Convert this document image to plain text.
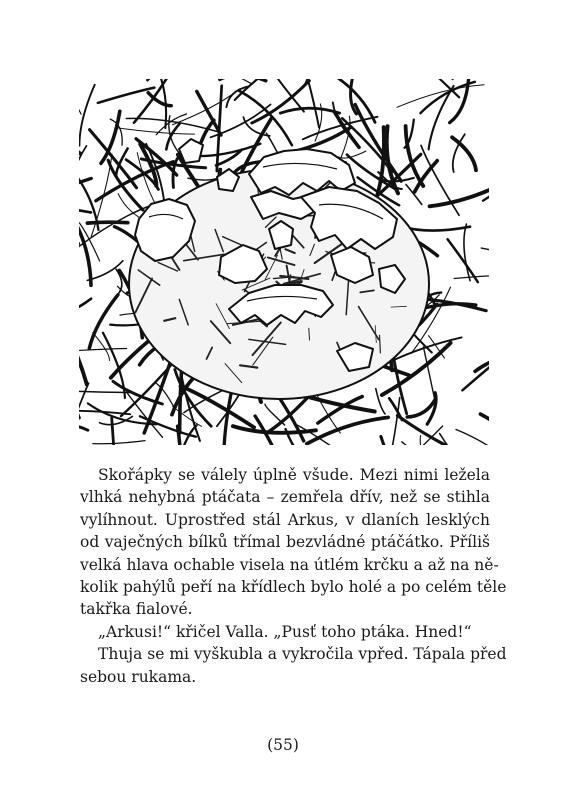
Skořápky se válely úplně všude. Mezi nimi ležela
vlhká nehybná ptáčata – zemřela dřív, než se stihla
vylíhnout. Uprostřed stál Arkus, v dlaních lesklých
od vaječných bílků třímal bezvládné ptáčátko. Příliš
velká hlava ochable visela na útlém krčku a až na ně-
kolik pahýlů peří na křídlech bylo holé a po celém těle
takřka fialové.
„Arkusi!“ křičel Valla. „Pusť toho ptáka. Hned!“
Thuja se mi vyškubla a vykročila vpřed. Tápala před
sebou rukama.
(55)
